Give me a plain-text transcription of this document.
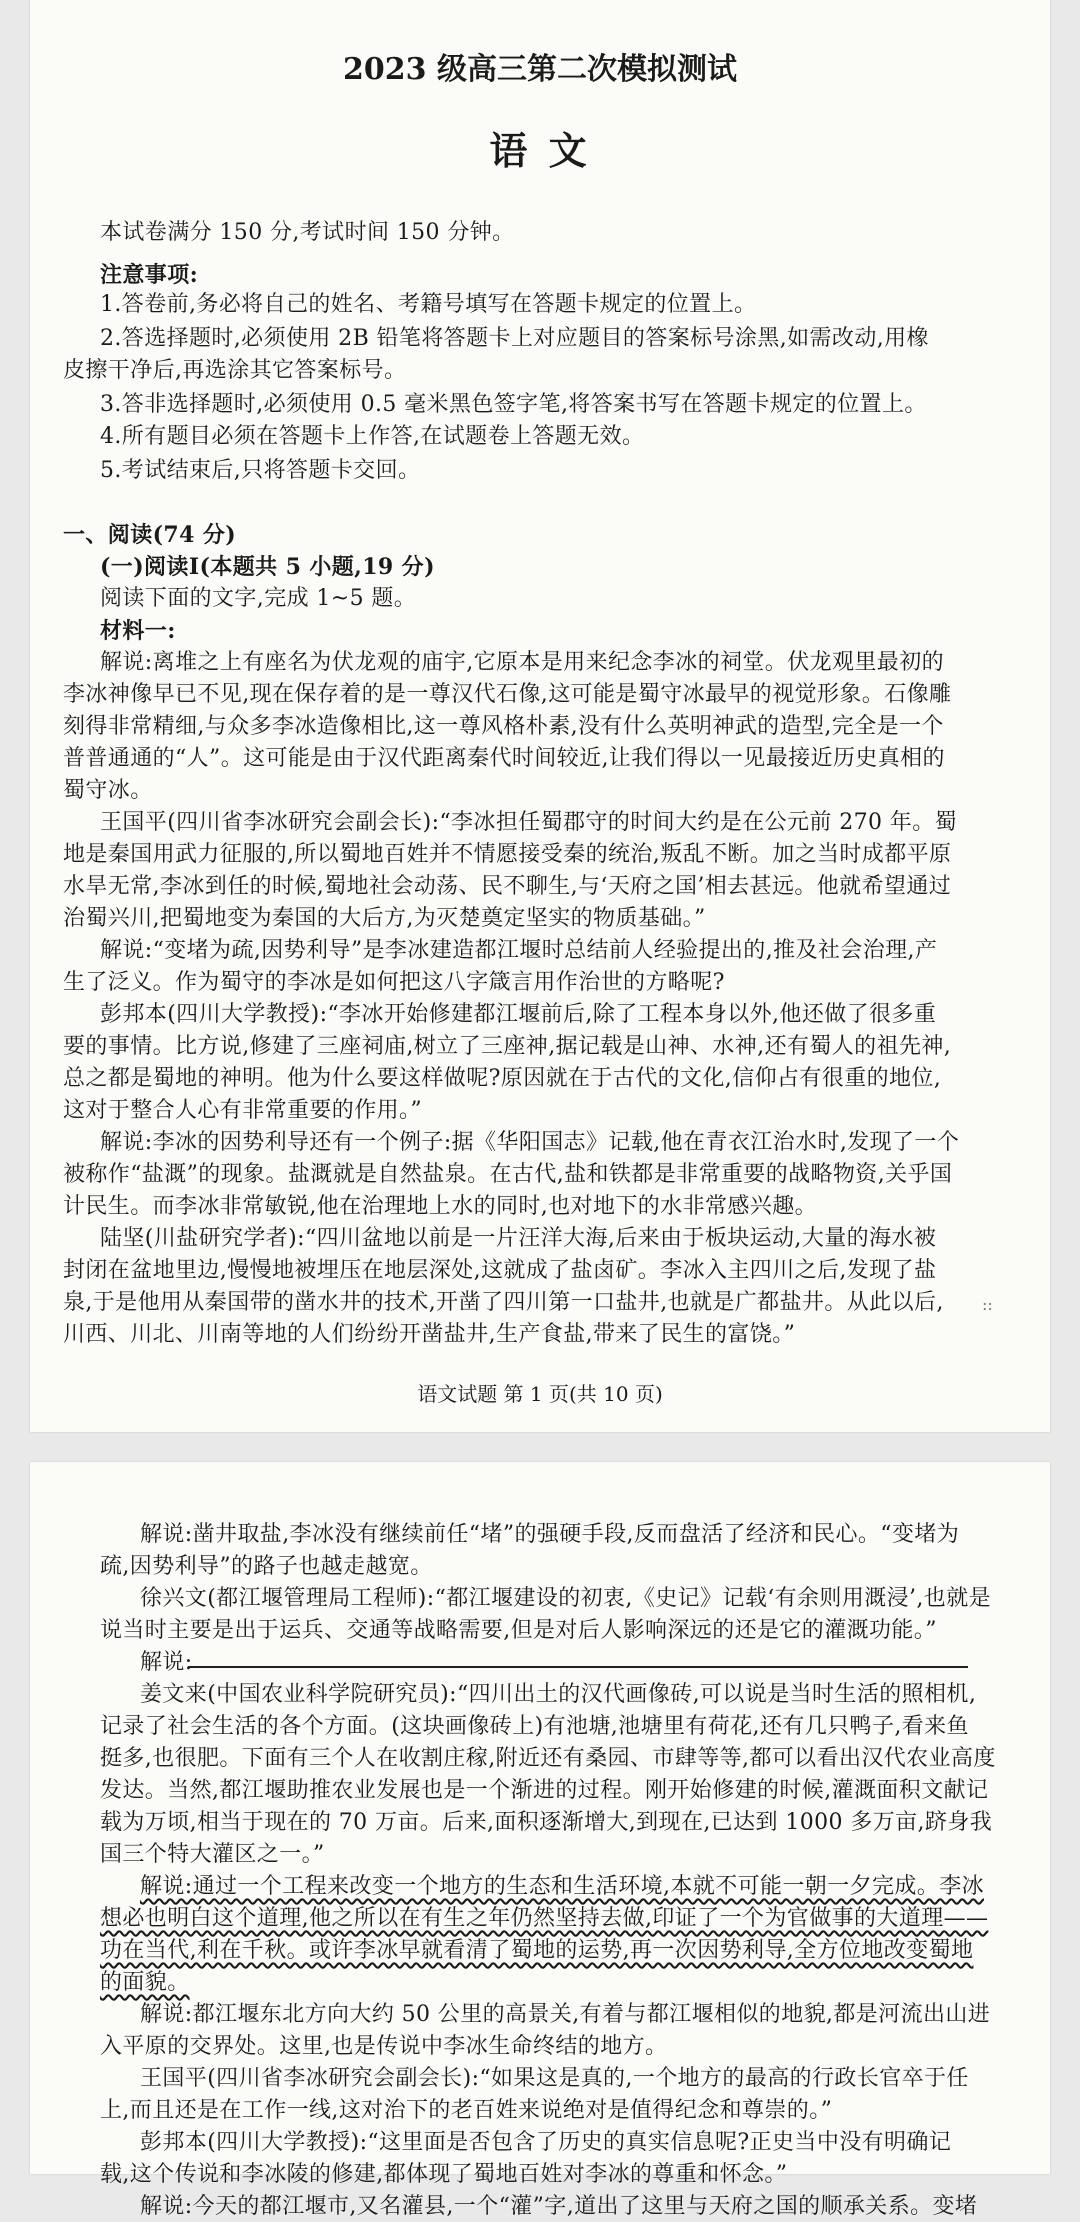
2023 级高三第二次模拟测试
语 文
本试卷满分 150 分,考试时间 150 分钟。
注意事项:
1.答卷前,务必将自己的姓名、考籍号填写在答题卡规定的位置上。
2.答选择题时,必须使用 2B 铅笔将答题卡上对应题目的答案标号涂黑,如需改动,用橡
皮擦干净后,再选涂其它答案标号。
3.答非选择题时,必须使用 0.5 毫米黑色签字笔,将答案书写在答题卡规定的位置上。
4.所有题目必须在答题卡上作答,在试题卷上答题无效。
5.考试结束后,只将答题卡交回。
一、阅读(74 分)
(一)阅读Ⅰ(本题共 5 小题,19 分)
阅读下面的文字,完成 1~5 题。
材料一:
解说:离堆之上有座名为伏龙观的庙宇,它原本是用来纪念李冰的祠堂。伏龙观里最初的
李冰神像早已不见,现在保存着的是一尊汉代石像,这可能是蜀守冰最早的视觉形象。石像雕
刻得非常精细,与众多李冰造像相比,这一尊风格朴素,没有什么英明神武的造型,完全是一个
普普通通的“人”。这可能是由于汉代距离秦代时间较近,让我们得以一见最接近历史真相的
蜀守冰。
王国平(四川省李冰研究会副会长):“李冰担任蜀郡守的时间大约是在公元前 270 年。蜀
地是秦国用武力征服的,所以蜀地百姓并不情愿接受秦的统治,叛乱不断。加之当时成都平原
水旱无常,李冰到任的时候,蜀地社会动荡、民不聊生,与‘天府之国’相去甚远。他就希望通过
治蜀兴川,把蜀地变为秦国的大后方,为灭楚奠定坚实的物质基础。”
解说:“变堵为疏,因势利导”是李冰建造都江堰时总结前人经验提出的,推及社会治理,产
生了泛义。作为蜀守的李冰是如何把这八字箴言用作治世的方略呢?
彭邦本(四川大学教授):“李冰开始修建都江堰前后,除了工程本身以外,他还做了很多重
要的事情。比方说,修建了三座祠庙,树立了三座神,据记载是山神、水神,还有蜀人的祖先神,
总之都是蜀地的神明。他为什么要这样做呢?原因就在于古代的文化,信仰占有很重的地位,
这对于整合人心有非常重要的作用。”
解说:李冰的因势利导还有一个例子:据《华阳国志》记载,他在青衣江治水时,发现了一个
被称作“盐溉”的现象。盐溉就是自然盐泉。在古代,盐和铁都是非常重要的战略物资,关乎国
计民生。而李冰非常敏锐,他在治理地上水的同时,也对地下的水非常感兴趣。
陆坚(川盐研究学者):“四川盆地以前是一片汪洋大海,后来由于板块运动,大量的海水被
封闭在盆地里边,慢慢地被埋压在地层深处,这就成了盐卤矿。李冰入主四川之后,发现了盐
泉,于是他用从秦国带的凿水井的技术,开凿了四川第一口盐井,也就是广都盐井。从此以后,
川西、川北、川南等地的人们纷纷开凿盐井,生产食盐,带来了民生的富饶。”
::
语文试题 第 1 页(共 10 页)
解说:凿井取盐,李冰没有继续前任“堵”的强硬手段,反而盘活了经济和民心。“变堵为
疏,因势利导”的路子也越走越宽。
徐兴文(都江堰管理局工程师):“都江堰建设的初衷,《史记》记载‘有余则用溉浸’,也就是
说当时主要是出于运兵、交通等战略需要,但是对后人影响深远的还是它的灌溉功能。”
解说:
姜文来(中国农业科学院研究员):“四川出土的汉代画像砖,可以说是当时生活的照相机,
记录了社会生活的各个方面。(这块画像砖上)有池塘,池塘里有荷花,还有几只鸭子,看来鱼
挺多,也很肥。下面有三个人在收割庄稼,附近还有桑园、市肆等等,都可以看出汉代农业高度
发达。当然,都江堰助推农业发展也是一个渐进的过程。刚开始修建的时候,灌溉面积文献记
载为万顷,相当于现在的 70 万亩。后来,面积逐渐增大,到现在,已达到 1000 多万亩,跻身我
国三个特大灌区之一。”
解说:通过一个工程来改变一个地方的生态和生活环境,本就不可能一朝一夕完成。李冰
想必也明白这个道理,他之所以在有生之年仍然坚持去做,印证了一个为官做事的大道理——
功在当代,利在千秋。或许李冰早就看清了蜀地的运势,再一次因势利导,全方位地改变蜀地
的面貌。
解说:都江堰东北方向大约 50 公里的高景关,有着与都江堰相似的地貌,都是河流出山进
入平原的交界处。这里,也是传说中李冰生命终结的地方。
王国平(四川省李冰研究会副会长):“如果这是真的,一个地方的最高的行政长官卒于任
上,而且还是在工作一线,这对治下的老百姓来说绝对是值得纪念和尊崇的。”
彭邦本(四川大学教授):“这里面是否包含了历史的真实信息呢?正史当中没有明确记
载,这个传说和李冰陵的修建,都体现了蜀地百姓对李冰的尊重和怀念。”
解说:今天的都江堰市,又名灌县,一个“灌”字,道出了这里与天府之国的顺承关系。变堵
